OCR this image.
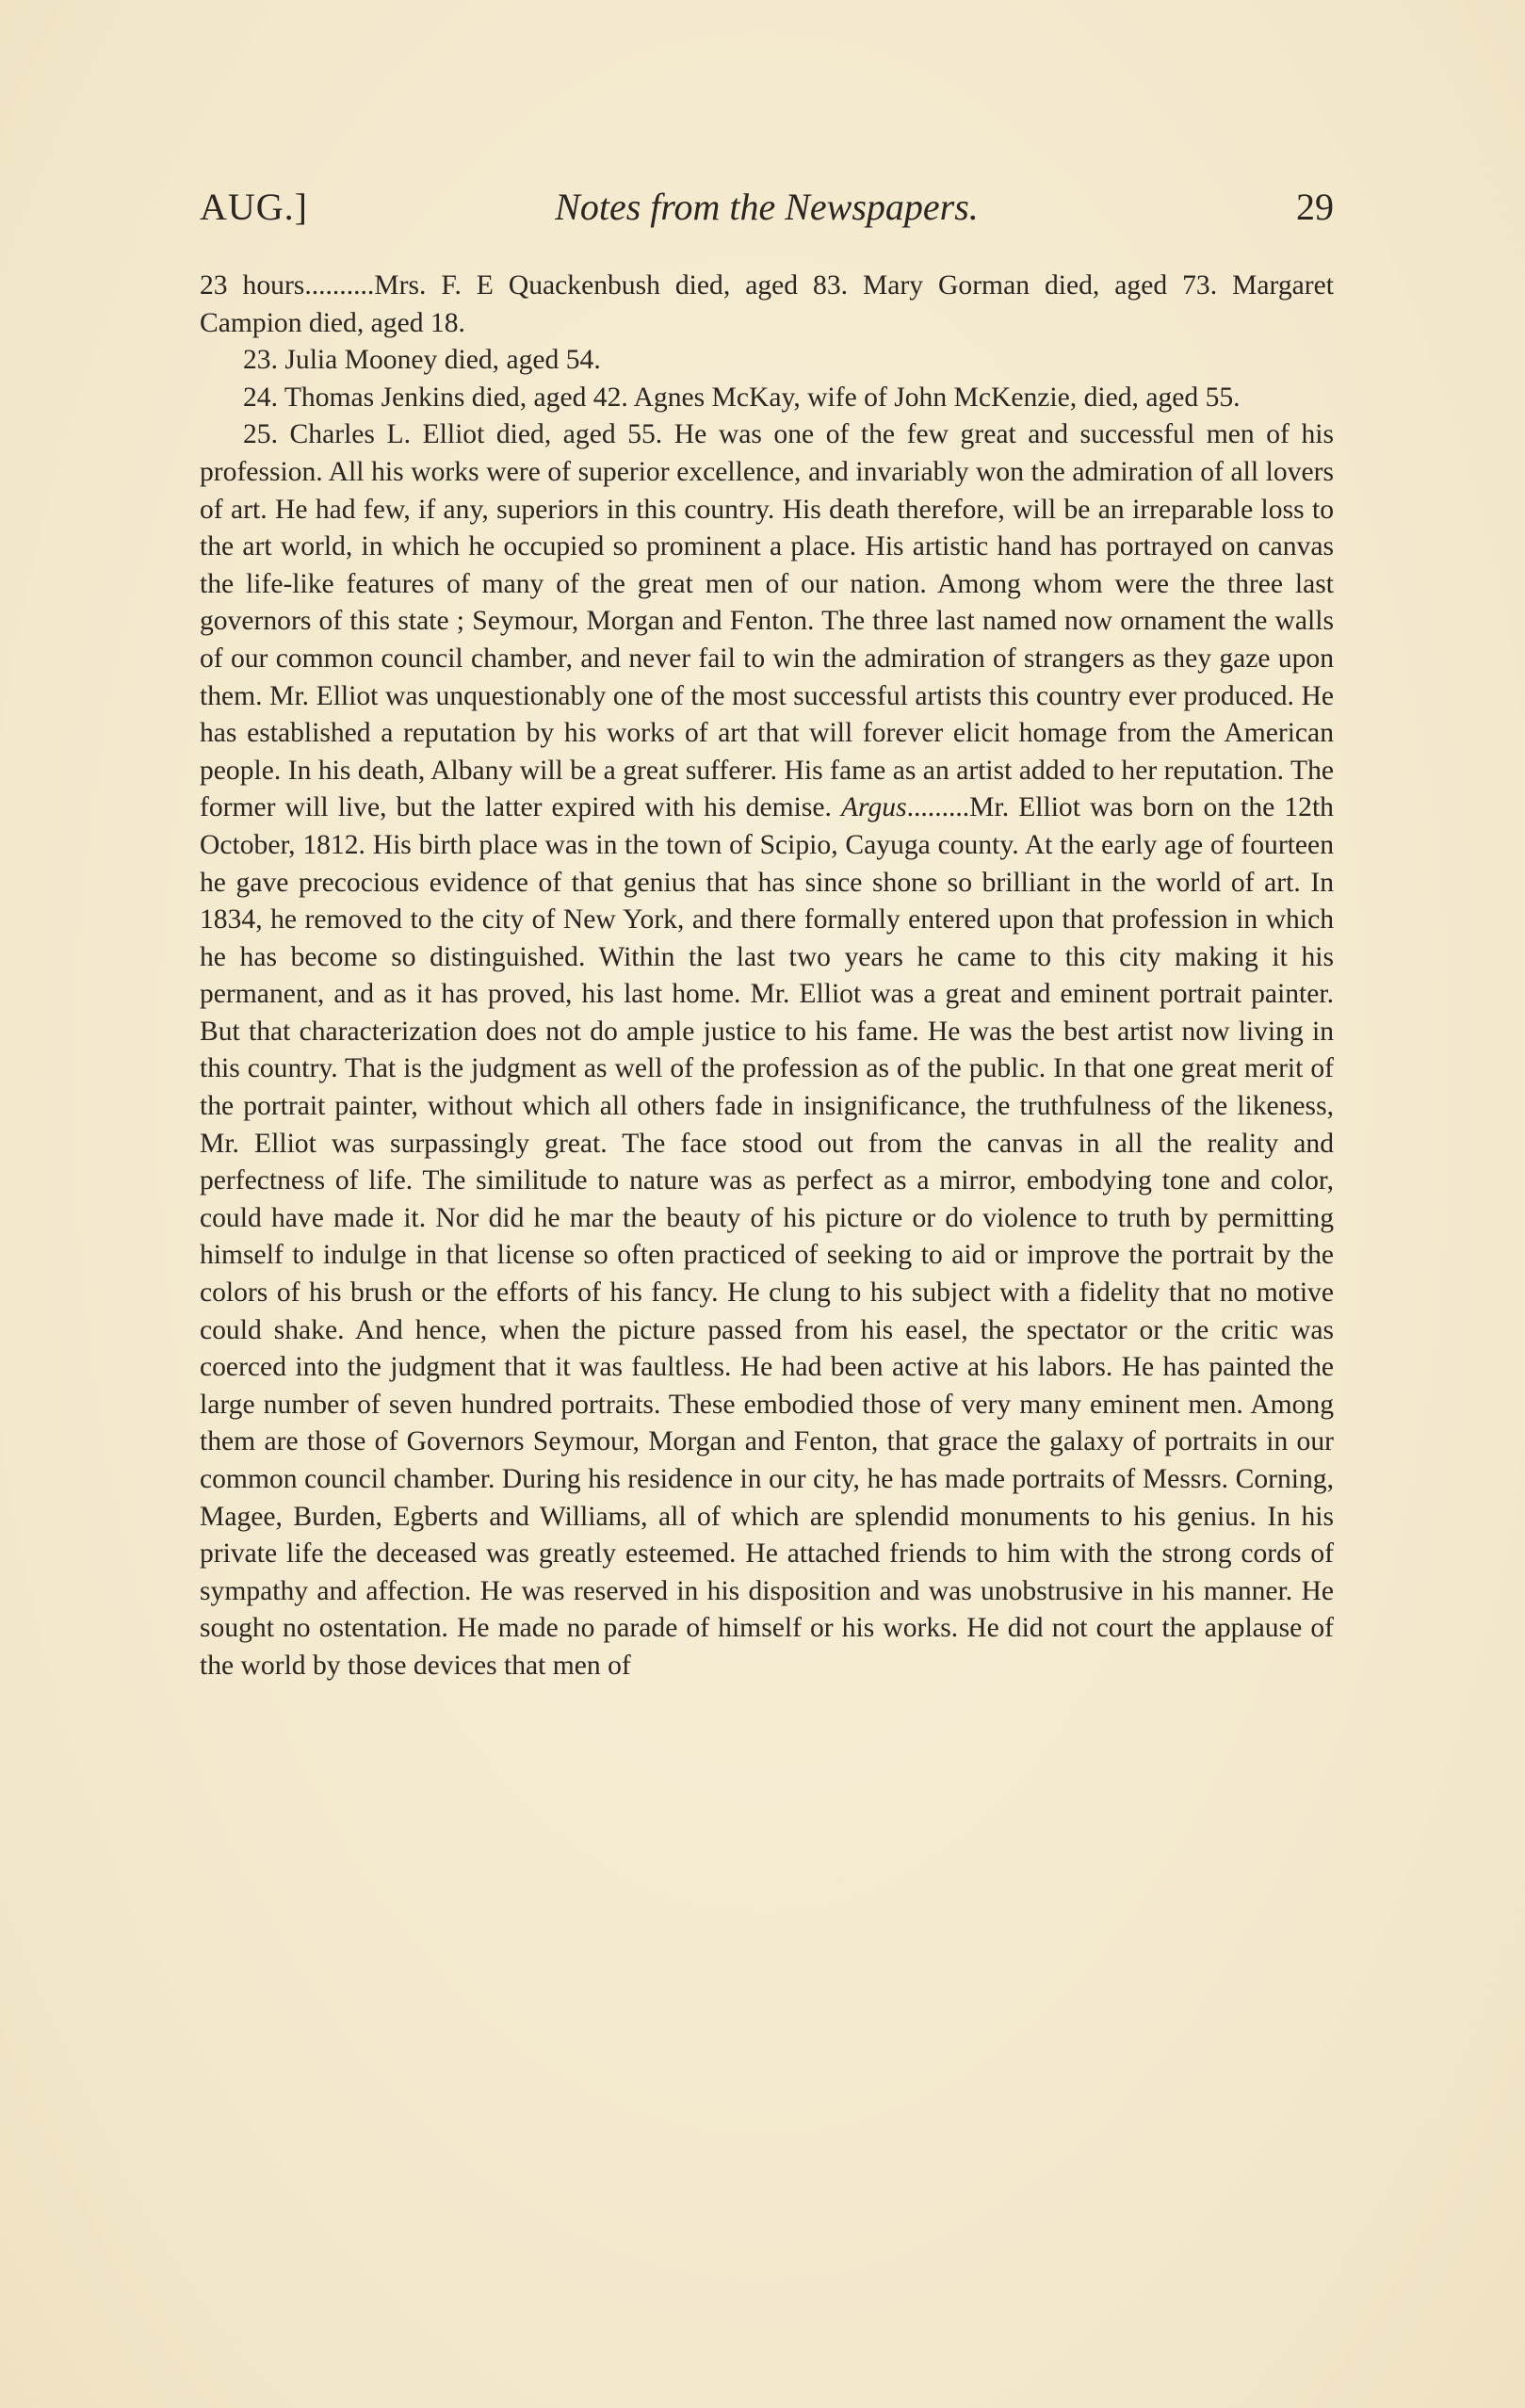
AUG.]	Notes from the Newspapers.	29

23 hours..........Mrs. F. E Quackenbush died, aged 83. Mary Gorman died, aged 73. Margaret Campion died, aged 18.

23. Julia Mooney died, aged 54.

24. Thomas Jenkins died, aged 42. Agnes McKay, wife of John McKenzie, died, aged 55.

25. Charles L. Elliot died, aged 55. He was one of the few great and successful men of his profession. All his works were of superior excellence, and invariably won the admiration of all lovers of art. He had few, if any, superiors in this country. His death therefore, will be an irreparable loss to the art world, in which he occupied so prominent a place. His artistic hand has portrayed on canvas the life-like features of many of the great men of our nation. Among whom were the three last governors of this state ; Seymour, Morgan and Fenton. The three last named now ornament the walls of our common council chamber, and never fail to win the admiration of strangers as they gaze upon them. Mr. Elliot was unquestionably one of the most successful artists this country ever produced. He has established a reputation by his works of art that will forever elicit homage from the American people. In his death, Albany will be a great sufferer. His fame as an artist added to her reputation. The former will live, but the latter expired with his demise. Argus.........Mr. Elliot was born on the 12th October, 1812. His birth place was in the town of Scipio, Cayuga county. At the early age of fourteen he gave precocious evidence of that genius that has since shone so brilliant in the world of art. In 1834, he removed to the city of New York, and there formally entered upon that profession in which he has become so distinguished. Within the last two years he came to this city making it his permanent, and as it has proved, his last home. Mr. Elliot was a great and eminent portrait painter. But that characterization does not do ample justice to his fame. He was the best artist now living in this country. That is the judgment as well of the profession as of the public. In that one great merit of the portrait painter, without which all others fade in insignificance, the truthfulness of the likeness, Mr. Elliot was surpassingly great. The face stood out from the canvas in all the reality and perfectness of life. The similitude to nature was as perfect as a mirror, embodying tone and color, could have made it. Nor did he mar the beauty of his picture or do violence to truth by permitting himself to indulge in that license so often practiced of seeking to aid or improve the portrait by the colors of his brush or the efforts of his fancy. He clung to his subject with a fidelity that no motive could shake. And hence, when the picture passed from his easel, the spectator or the critic was coerced into the judgment that it was faultless. He had been active at his labors. He has painted the large number of seven hundred portraits. These embodied those of very many eminent men. Among them are those of Governors Seymour, Morgan and Fenton, that grace the galaxy of portraits in our common council chamber. During his residence in our city, he has made portraits of Messrs. Corning, Magee, Burden, Egberts and Williams, all of which are splendid monuments to his genius. In his private life the deceased was greatly esteemed. He attached friends to him with the strong cords of sympathy and affection. He was reserved in his disposition and was unobstrusive in his manner. He sought no ostentation. He made no parade of himself or his works. He did not court the applause of the world by those devices that men of
